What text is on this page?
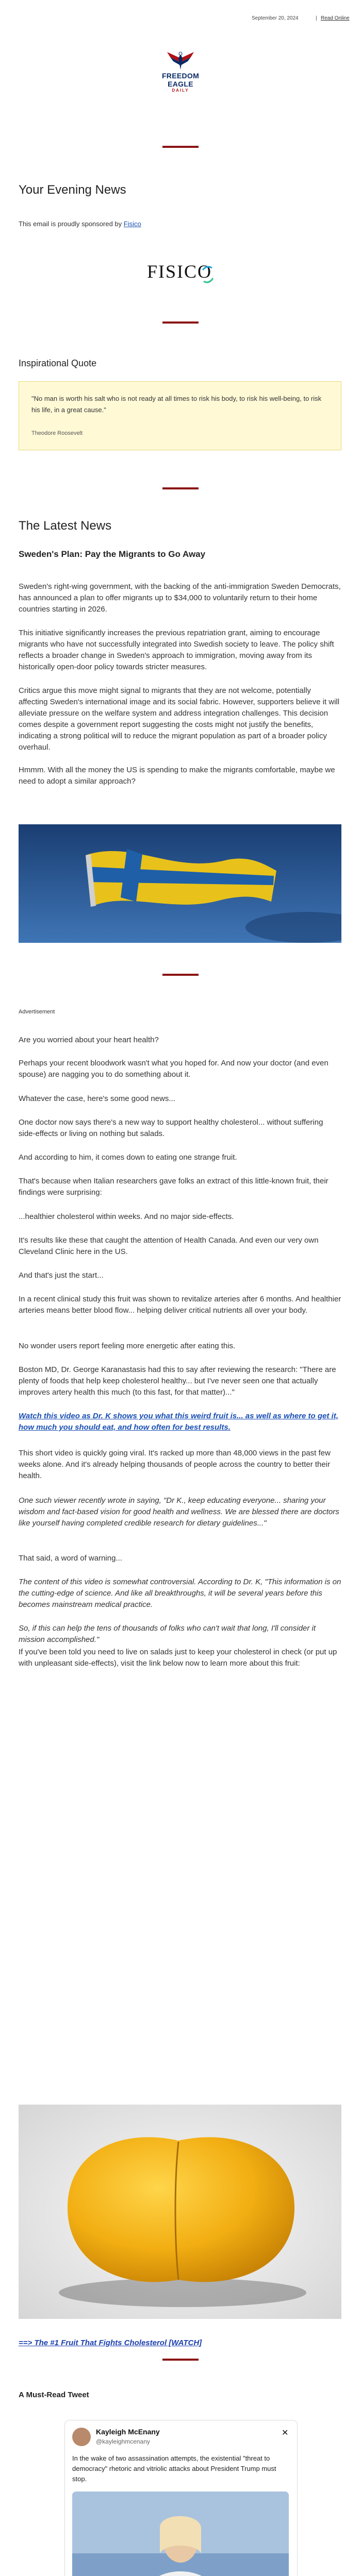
September 20, 2024	| Read Online
FREEDOM EAGLE
DAILY
Your Evening News
This email is proudly sponsored by Fisico
FISICO
Inspirational Quote
"No man is worth his salt who is not ready at all times to risk his body, to risk his well-being, to risk his life, in a great cause."
Theodore Roosevelt
The Latest News
Sweden's Plan: Pay the Migrants to Go Away
Sweden's right-wing government, with the backing of the anti-immigration Sweden Democrats, has announced a plan to offer migrants up to $34,000 to voluntarily return to their home countries starting in 2026.
This initiative significantly increases the previous repatriation grant, aiming to encourage migrants who have not successfully integrated into Swedish society to leave. The policy shift reflects a broader change in Sweden's approach to immigration, moving away from its historically open-door policy towards stricter measures.
Critics argue this move might signal to migrants that they are not welcome, potentially affecting Sweden's international image and its social fabric. However, supporters believe it will alleviate pressure on the welfare system and address integration challenges. This decision comes despite a government report suggesting the costs might not justify the benefits, indicating a strong political will to reduce the migrant population as part of a broader policy overhaul.
Hmmm. With all the money the US is spending to make the migrants comfortable, maybe we need to adopt a similar approach?
Advertisement
Are you worried about your heart health?
Perhaps your recent bloodwork wasn't what you hoped for. And now your doctor (and even spouse) are nagging you to do something about it.
Whatever the case, here's some good news...
One doctor now says there's a new way to support healthy cholesterol... without suffering side-effects or living on nothing but salads.
And according to him, it comes down to eating one strange fruit.
That's because when Italian researchers gave folks an extract of this little-known fruit, their findings were surprising:
...healthier cholesterol within weeks. And no major side-effects.
It's results like these that caught the attention of Health Canada. And even our very own Cleveland Clinic here in the US.
And that's just the start...
In a recent clinical study this fruit was shown to revitalize arteries after 6 months. And healthier arteries means better blood flow... helping deliver critical nutrients all over your body.
No wonder users report feeling more energetic after eating this.
Boston MD, Dr. George Karanastasis had this to say after reviewing the research: "There are plenty of foods that help keep cholesterol healthy... but I've never seen one that actually improves artery health this much (to this fast, for that matter)..."
Watch this video as Dr. K shows you what this weird fruit is... as well as where to get it, how much you should eat, and how often for best results.
This short video is quickly going viral. It's racked up more than 48,000 views in the past few weeks alone. And it's already helping thousands of people across the country to better their health.
One such viewer recently wrote in saying, "Dr K., keep educating everyone... sharing your wisdom and fact-based vision for good health and wellness. We are blessed there are doctors like yourself having completed credible research for dietary guidelines..."
That said, a word of warning...
The content of this video is somewhat controversial. According to Dr. K, "This information is on the cutting-edge of science. And like all breakthroughs, it will be several years before this becomes mainstream medical practice.
So, if this can help the tens of thousands of folks who can't wait that long, I'll consider it mission accomplished."
If you've been told you need to live on salads just to keep your cholesterol in check (or put up with unpleasant side-effects), visit the link below now to learn more about this fruit:
==> The #1 Fruit That Fights Cholesterol [WATCH]
A Must-Read Tweet
Kayleigh McEnany
@kayleighmcenany
✕
In the wake of two assassination attempts, the existential "threat to democracy" rhetoric and vitriolic attacks about President Trump must stop.
